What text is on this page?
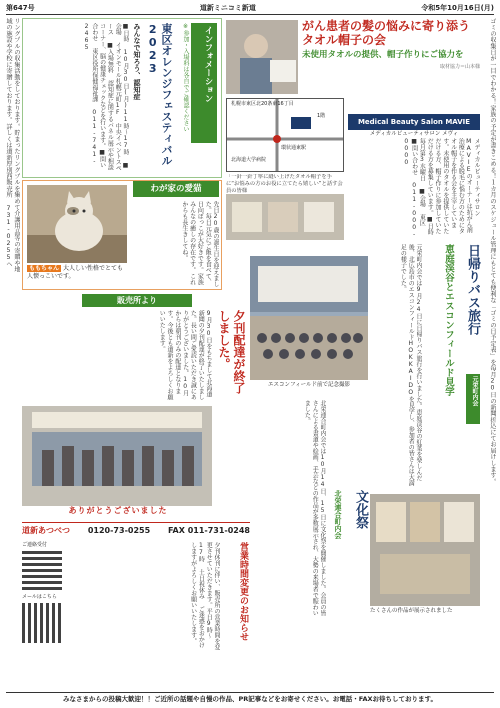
第647号	道新ミニコミ新道	令和5年10月16日(月)
リングプルの収集活動をしております。貯まったリングプルを集めて介護用品等の寄贈や地域の施設や学校に寄贈しております。詳しくは道新厚別西販売所 731-0255へ	ゴミの収集日が一目でわかる！家族の予定が書きこめる！１カ月のスケジュール管理にもとても便利な「ゴミの日予定表」を毎月20日の新聞折込にてお届けします。
インフォメーション
※参加・入場料は各自でご確認ください
東区オレンジフェスティバル2023
みんなで知ろう、認知症
■日時 10月30日(月)11時～17時 ■会場 イオンモール札幌元町1F 中央イベントスペース ■入場無料 認知症に関するパネル展示や相談コーナー、脳の健康チェックなどを行います。■問い合わせ 東区役所保健福祉課 011-741-2465
ももちゃん 大人しい性格でとても人懐っこいです。
わが家の愛猫
先日20歳の誕生日を迎えました。毎日元気にご飯を食べて、日向ぼっこが大好きです。家族みんなの癒しの存在です。これからも長生きしてね。
がん患者の髪の悩みに寄り添うタオル帽子の会
未使用タオルの提供、帽子作りにご協力を
取材協力＝山本様
札幌市東区北20条東16丁目
MAVIE
環状通東駅
北海道大学病院
1階
Medical Beauty Salon MAVIE
メディカルビューティサロン メヴィ
メディカルビューティサロンMAVIEのオーナーは抗がん剤治療による脱毛に悩む方のためにタオル帽子を作る会を主宰しています。未使用のタオルを提供していただける方、帽子作りに参加していただける方を募集しています。■日時 毎月第3水曜日 ■会場 東区 ■問い合わせ 011-000-0000
「一針一針丁寧に縫い上げたタオル帽子を手に“お悩みの方のお役に立てたら嬉しい”と話す会員の皆様
日帰りバス旅行
恵庭渓谷とエスコンフィールド見学	元栄町内会
元栄町内会では9月24日に日帰りバス旅行を行いました。恵庭渓谷の紅葉を楽しんだ後、北広島市のエスコンフィールドHOKKAIDOを見学し、参加者の皆さんは大満足の様子でした。
エスコンフィールド前で記念撮影
販売所より
夕刊配達が終了しました。
9月30日をもちまして北海道新聞の夕刊配達が終了いたしました。長い間ご愛読いただき誠にありがとうございました。10月からは朝刊のみの配達となります。今後とも道新をよろしくお願いいたします。
ありがとうございました	文化祭
北栄連合町内会
北栄連合町内会では10月14日、15日に文化祭を開催しました。会員の皆さんによる書道や絵画、手芸などの作品が多数展示され、大勢の来場者で賑わいました。
たくさんの作品が展示されました
道新あつべつ 0120-73-0255 FAX 011-731-0248
ご連絡受付
メールはこちら	夕刊休刊に伴い、販売所の営業時間を変更させていただきます。平日9時～17時 土日祝休み ご迷惑をおかけしますがよろしくお願いいたします。	営業時間変更のお知らせ
みなさまからの投稿大歓迎！！ご近所の話題や自慢の作品、PR記事などをお寄せください。お電話・FAXお待ちしております。
